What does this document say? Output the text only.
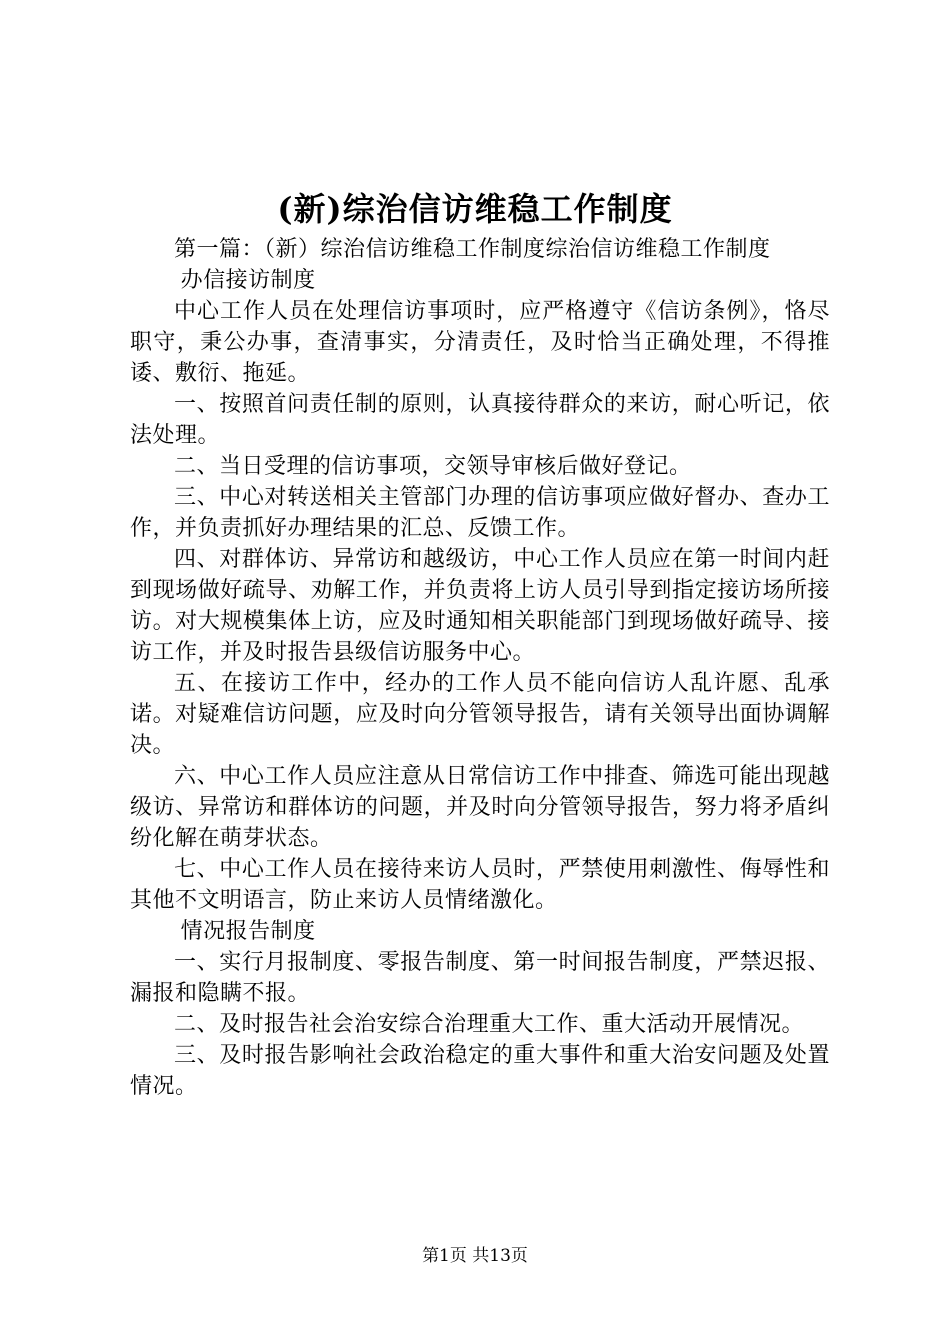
(新)综治信访维稳工作制度

第一篇：（新）综治信访维稳工作制度综治信访维稳工作制度

办信接访制度

中心工作人员在处理信访事项时，应严格遵守《信访条例》，恪尽职守，秉公办事，查清事实，分清责任，及时恰当正确处理，不得推诿、敷衍、拖延。

一、按照首问责任制的原则，认真接待群众的来访，耐心听记，依法处理。

二、当日受理的信访事项，交领导审核后做好登记。

三、中心对转送相关主管部门办理的信访事项应做好督办、查办工作，并负责抓好办理结果的汇总、反馈工作。

四、对群体访、异常访和越级访，中心工作人员应在第一时间内赶到现场做好疏导、劝解工作，并负责将上访人员引导到指定接访场所接访。对大规模集体上访，应及时通知相关职能部门到现场做好疏导、接访工作，并及时报告县级信访服务中心。

五、在接访工作中，经办的工作人员不能向信访人乱许愿、乱承诺。对疑难信访问题，应及时向分管领导报告，请有关领导出面协调解决。

六、中心工作人员应注意从日常信访工作中排查、筛选可能出现越级访、异常访和群体访的问题，并及时向分管领导报告，努力将矛盾纠纷化解在萌芽状态。

七、中心工作人员在接待来访人员时，严禁使用刺激性、侮辱性和其他不文明语言，防止来访人员情绪激化。

情况报告制度

一、实行月报制度、零报告制度、第一时间报告制度，严禁迟报、漏报和隐瞒不报。

二、及时报告社会治安综合治理重大工作、重大活动开展情况。

三、及时报告影响社会政治稳定的重大事件和重大治安问题及处置情况。

第1页 共13页
